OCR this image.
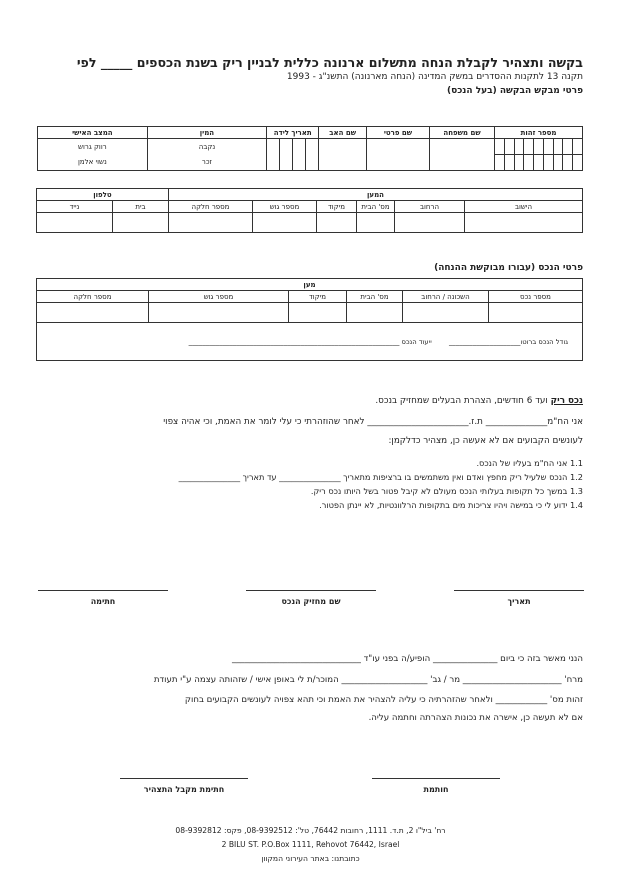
בקשה ותצהיר לקבלת הנחה מתשלום ארנונה כללית לבניין ריק בשנת הכספים _____ לפי
תקנה 13 לתקנות ההסדרים במשק המדינה (הנחה מארנונה) התשנ"ג - 1993
פרטי מבקש הבקשה (בעל הנכס)
מספר זהות									שם משפחה	שם פרטי	שם האב	תאריך לידה				המין	המצב האישי
																נקבה	רווק גרוש
																זכר	נשוי אלמן
המען						טלפון	
הישוב	הרחוב	מס' הבית	מיקוד	מספר גוש	מספר חלקה	בית	נייד

פרטי הנכס (עבורו מבוקשת ההנחה)
מען					
מספר נכס	השכונה / הרחוב	מס' הבית	מיקוד	מספר גוש	מספר חלקה

גודל הנכס ברוטו_____________________        ייעוד הנכס ______________________________________________________________					
נכס ריק ועד 6 חודשים, הצהרת הבעלים שמחזיק בנכס.
אני הח"מ______________ ת.ז._______________________ לאחר שהוזהרתי כי עלי לומר את האמת, וכי אהיה צפוי
לעונשים הקבועים אם לא אעשה כן, מצהיר כדלקמן:
1.1 אני הח"מ בעליו של הנכס.
1.2 הנכס שלעיל ריק מחפץ ואדם ואין משתמשים בו ברציפות מתאריך _______________ עד תאריך _______________
1.3 במשך כל תקופות בעלותי הנכס מעולם לא קיבל פטור בשל היותו נכס ריק.
1.4 ידוע לי כי במישה ויהיו צריכות מים בתקופות הרלוונטיות, לא יינתן הפטור.
תאריך
שם מחזיק הנכס
חתימה
הנני מאשר בזה כי ביום _______________ הופיע/ה בפני עו"ד ______________________________
מרח' _______________________ מר / גב' ____________________ המוכר/ת לי באופן אישי / שזהותה עצמה ע"י תעודת
זהות מס' ____________ ולאחר שהזהרתיה כי עליה להצהיר את האמת וכי תהא צפויה לעונשים הקבועים בחוק
אם לא תעשה כן, אישרה את נכונות הצהרתה וחתמה עליה.
חותמת
חתימת מקבל התצהיר
רח' ביל"ו 2, ת.ד. 1111, רחובות 76442, טל': 08-9392512, פקס: 08-9392812
2 BILU ST. P.O.Box 1111, Rehovot 76442, Israel
כתובתנו: באתר העירוני המקוון
